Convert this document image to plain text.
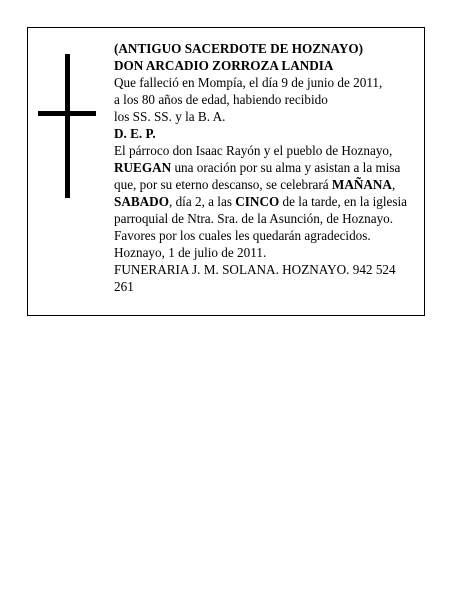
(ANTIGUO SACERDOTE DE HOZNAYO)
DON ARCADIO ZORROZA LANDIA
Que falleció en Mompía, el día 9 de junio de 2011,
a los 80 años de edad, habiendo recibido
los SS. SS. y la B. A.
D. E. P.
El párroco don Isaac Rayón y el pueblo de Hoznayo,
RUEGAN una oración por su alma y asistan a la misa
que, por su eterno descanso, se celebrará MAÑANA,
SABADO, día 2, a las CINCO de la tarde, en la iglesia
parroquial de Ntra. Sra. de la Asunción, de Hoznayo.
Favores por los cuales les quedarán agradecidos.
Hoznayo, 1 de julio de 2011.
FUNERARIA J. M. SOLANA. HOZNAYO. 942 524
261
